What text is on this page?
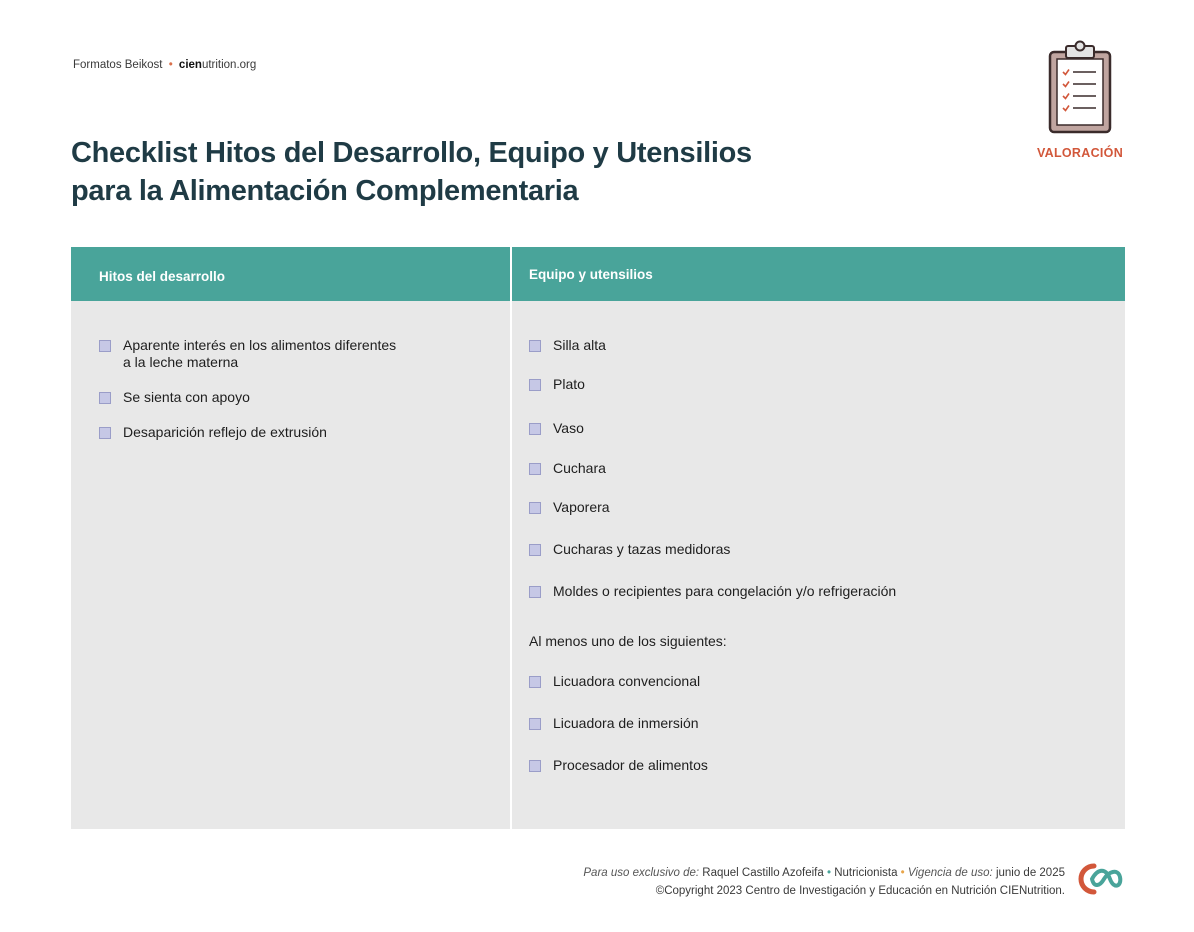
Formatos Beikost • cienutrition.org
Checklist Hitos del Desarrollo, Equipo y Utensilios
para la Alimentación Complementaria
VALORACIÓN
Hitos del desarrollo	Equipo y utensilios
Aparente interés en los alimentos diferentes
a la leche materna
Se sienta con apoyo
Desaparición reflejo de extrusión
Silla alta
Plato
Vaso
Cuchara
Vaporera
Cucharas y tazas medidoras
Moldes o recipientes para congelación y/o refrigeración
Al menos uno de los siguientes:
Licuadora convencional
Licuadora de inmersión
Procesador de alimentos
Para uso exclusivo de: Raquel Castillo Azofeifa • Nutricionista • Vigencia de uso: junio de 2025
©Copyright 2023 Centro de Investigación y Educación en Nutrición CIENutrition.
